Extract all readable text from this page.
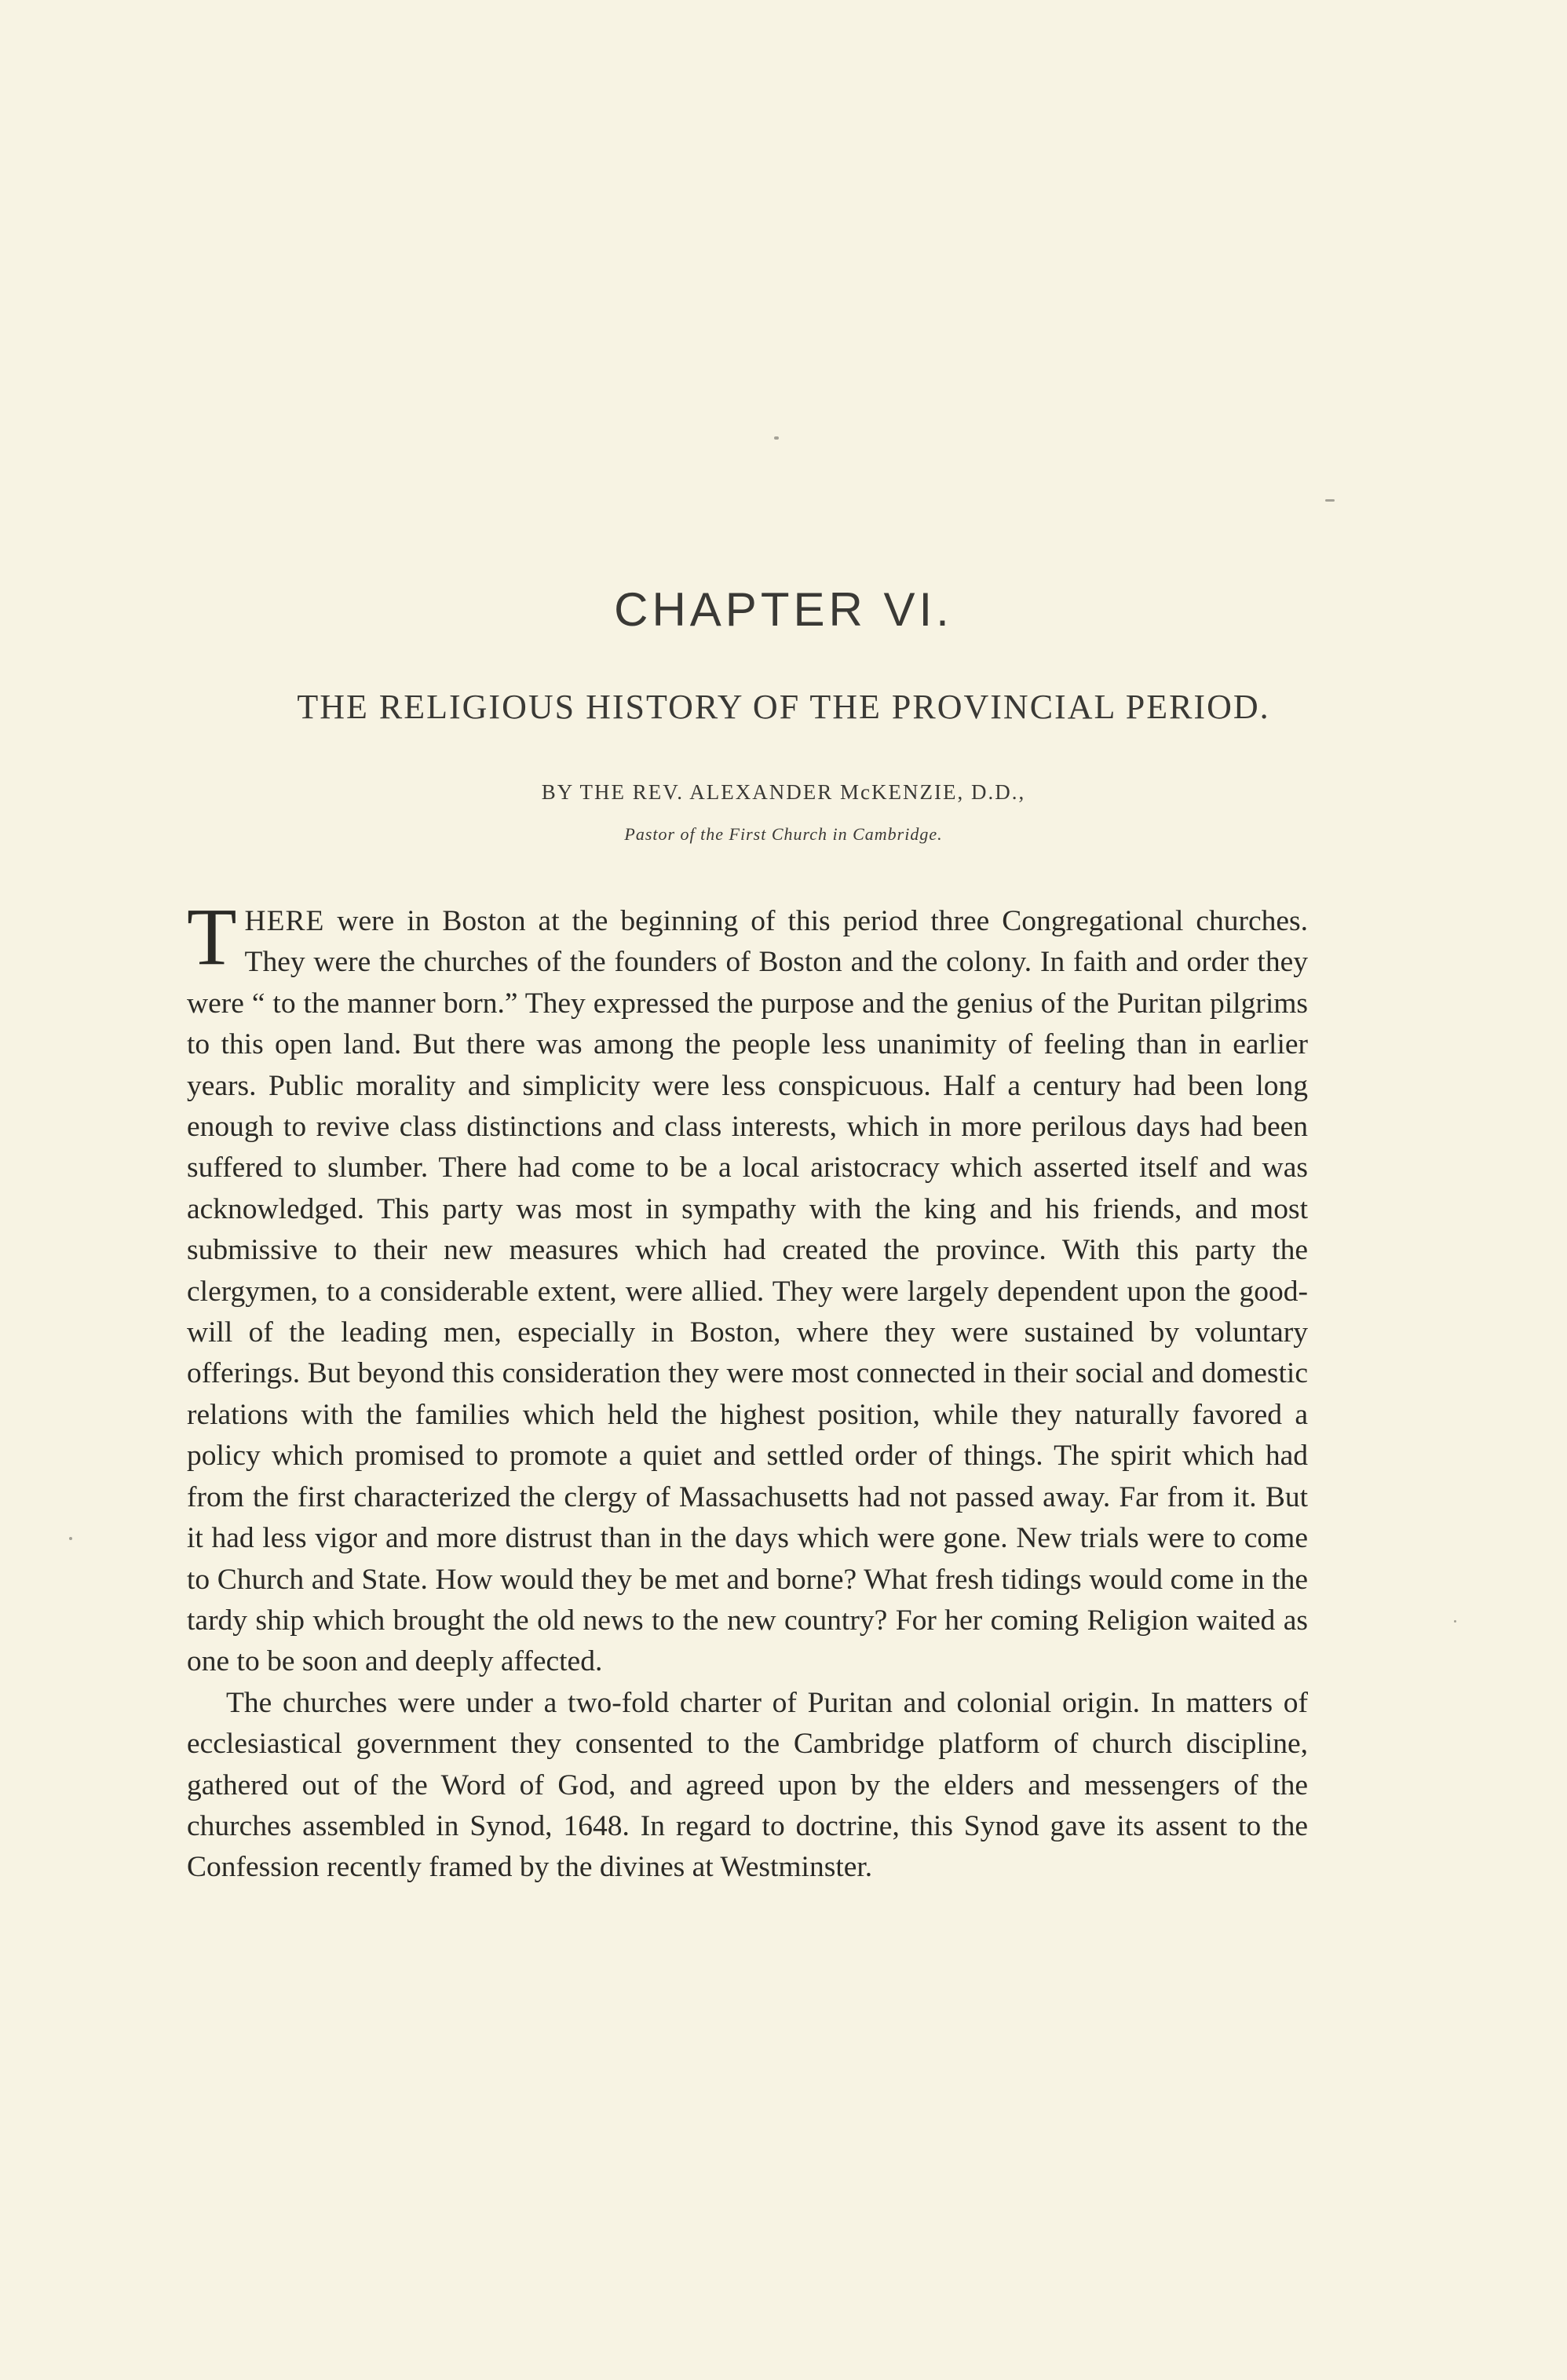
CHAPTER VI.
THE RELIGIOUS HISTORY OF THE PROVINCIAL PERIOD.
BY THE REV. ALEXANDER McKENZIE, D.D.,
Pastor of the First Church in Cambridge.

THERE were in Boston at the beginning of this period three Congregational churches. They were the churches of the founders of Boston and the colony. In faith and order they were “ to the manner born.” They expressed the purpose and the genius of the Puritan pilgrims to this open land. But there was among the people less unanimity of feeling than in earlier years. Public morality and simplicity were less conspicuous. Half a century had been long enough to revive class distinctions and class interests, which in more perilous days had been suffered to slumber. There had come to be a local aristocracy which asserted itself and was acknowledged. This party was most in sympathy with the king and his friends, and most submissive to their new measures which had created the province. With this party the clergymen, to a considerable extent, were allied. They were largely dependent upon the good-will of the leading men, especially in Boston, where they were sustained by voluntary offerings. But beyond this consideration they were most connected in their social and domestic relations with the families which held the highest position, while they naturally favored a policy which promised to promote a quiet and settled order of things. The spirit which had from the first characterized the clergy of Massachusetts had not passed away. Far from it. But it had less vigor and more distrust than in the days which were gone. New trials were to come to Church and State. How would they be met and borne? What fresh tidings would come in the tardy ship which brought the old news to the new country? For her coming Religion waited as one to be soon and deeply affected.

The churches were under a two-fold charter of Puritan and colonial origin. In matters of ecclesiastical government they consented to the Cambridge platform of church discipline, gathered out of the Word of God, and agreed upon by the elders and messengers of the churches assembled in Synod, 1648. In regard to doctrine, this Synod gave its assent to the Confession recently framed by the divines at Westminster.
